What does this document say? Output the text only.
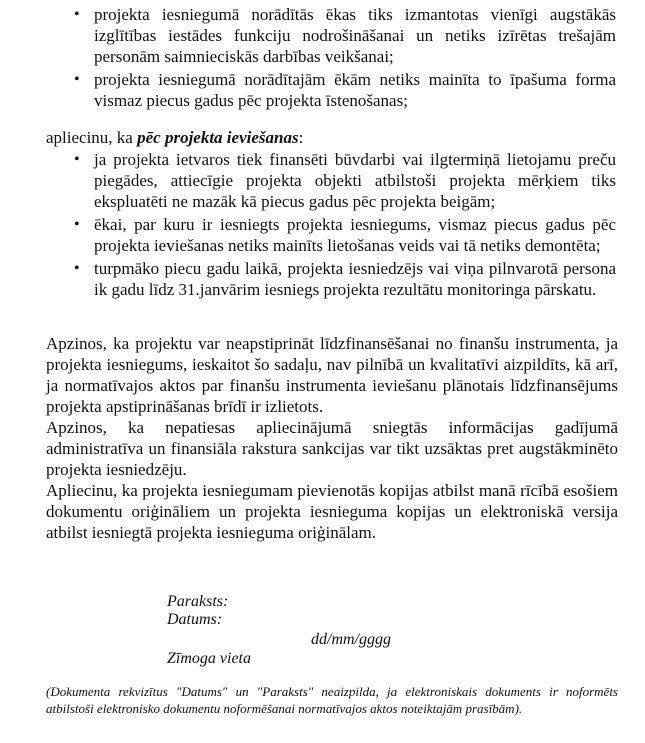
• projekta iesniegumā norādītās ēkas tiks izmantotas vienīgi augstākās izglītības iestādes funkciju nodrošināšanai un netiks izīrētas trešajām personām saimnieciskās darbības veikšanai;
• projekta iesniegumā norādītajām ēkām netiks mainīta to īpašuma forma vismaz piecus gadus pēc projekta īstenošanas;
apliecinu, ka pēc projekta ieviešanas:
• ja projekta ietvaros tiek finansēti būvdarbi vai ilgtermiņā lietojamu preču piegādes, attiecīgie projekta objekti atbilstoši projekta mērķiem tiks ekspluatēti ne mazāk kā piecus gadus pēc projekta beigām;
• ēkai, par kuru ir iesniegts projekta iesniegums, vismaz piecus gadus pēc projekta ieviešanas netiks mainīts lietošanas veids vai tā netiks demontēta;
• turpmāko piecu gadu laikā, projekta iesniedzējs vai viņa pilnvarotā persona ik gadu līdz 31.janvārim iesniegs projekta rezultātu monitoringa pārskatu.

Apzinos, ka projektu var neapstiprināt līdzfinansēšanai no finanšu instrumenta, ja projekta iesniegums, ieskaitot šo sadaļu, nav pilnībā un kvalitatīvi aizpildīts, kā arī, ja normatīvajos aktos par finanšu instrumenta ieviešanu plānotais līdzfinansējums projekta apstiprināšanas brīdī ir izlietots.

Apzinos, ka nepatiesas apliecinājumā sniegtās informācijas gadījumā administratīva un finansiāla rakstura sankcijas var tikt uzsāktas pret augstākminēto projekta iesniedzēju.

Apliecinu, ka projekta iesniegumam pievienotās kopijas atbilst manā rīcībā esošiem dokumentu oriģināliem un projekta iesnieguma kopijas un elektroniskā versija atbilst iesniegtā projekta iesnieguma oriģinālam.

Paraksts:
Datums:
dd/mm/gggg
Zīmoga vieta
(Dokumenta rekvizītus "Datums" un "Paraksts" neaizpilda, ja elektroniskais dokuments ir noformēts atbilstoši elektronisko dokumentu noformēšanai normatīvajos aktos noteiktajām prasībām).
